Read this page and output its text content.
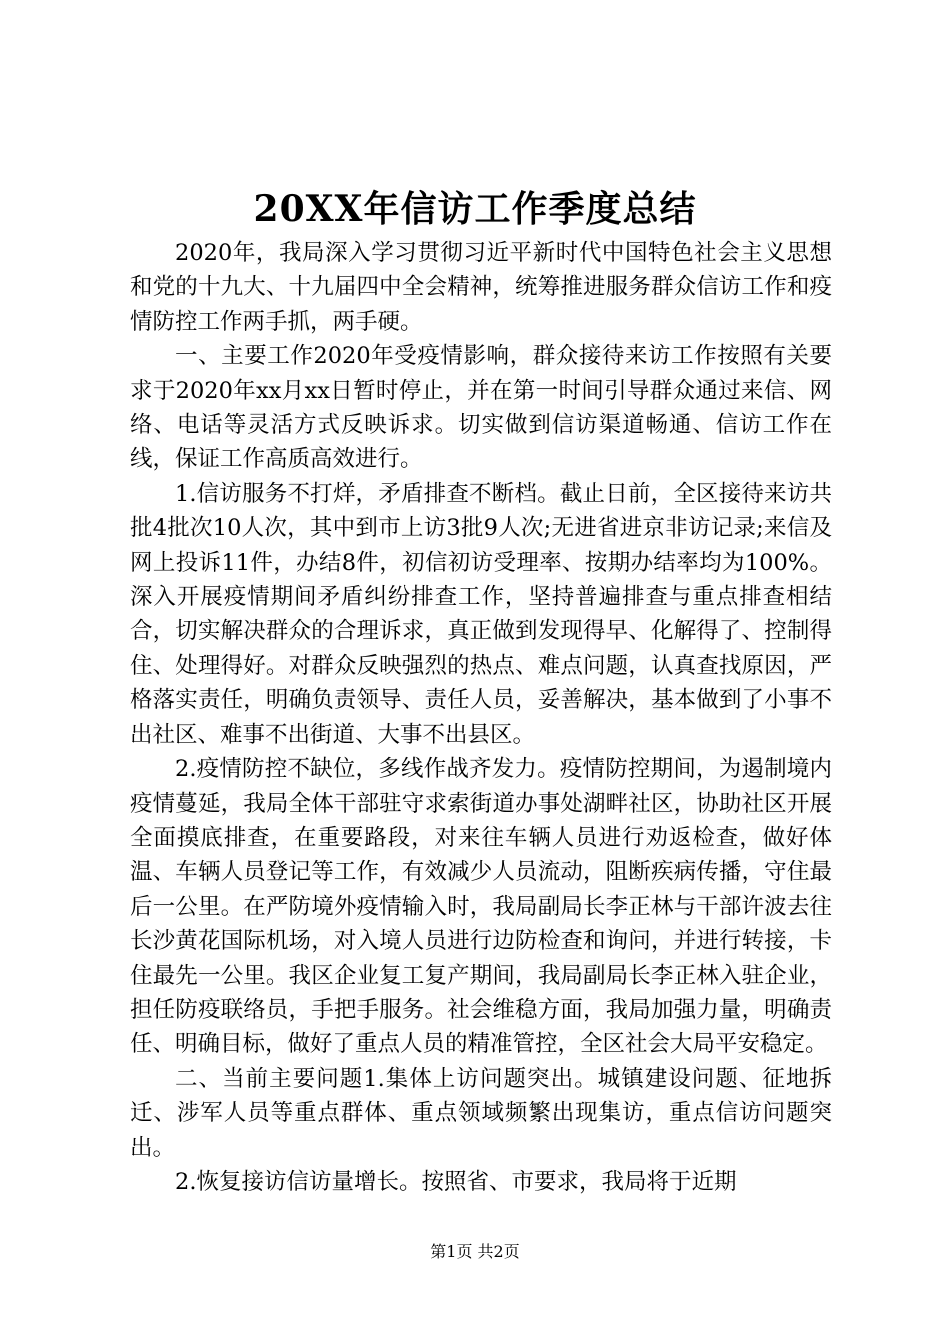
20XX年信访工作季度总结

2020年，我局深入学习贯彻习近平新时代中国特色社会主义思想和党的十九大、十九届四中全会精神，统筹推进服务群众信访工作和疫情防控工作两手抓，两手硬。

一、主要工作2020年受疫情影响，群众接待来访工作按照有关要求于2020年xx月xx日暂时停止，并在第一时间引导群众通过来信、网络、电话等灵活方式反映诉求。切实做到信访渠道畅通、信访工作在线，保证工作高质高效进行。

1.信访服务不打烊，矛盾排查不断档。截止日前，全区接待来访共批4批次10人次，其中到市上访3批9人次;无进省进京非访记录;来信及网上投诉11件，办结8件，初信初访受理率、按期办结率均为100%。深入开展疫情期间矛盾纠纷排查工作，坚持普遍排查与重点排查相结合，切实解决群众的合理诉求，真正做到发现得早、化解得了、控制得住、处理得好。对群众反映强烈的热点、难点问题，认真查找原因，严格落实责任，明确负责领导、责任人员，妥善解决，基本做到了小事不出社区、难事不出街道、大事不出县区。

2.疫情防控不缺位，多线作战齐发力。疫情防控期间，为遏制境内疫情蔓延，我局全体干部驻守求索街道办事处湖畔社区，协助社区开展全面摸底排查，在重要路段，对来往车辆人员进行劝返检查，做好体温、车辆人员登记等工作，有效减少人员流动，阻断疾病传播，守住最后一公里。在严防境外疫情输入时，我局副局长李正林与干部许波去往长沙黄花国际机场，对入境人员进行边防检查和询问，并进行转接，卡住最先一公里。我区企业复工复产期间，我局副局长李正林入驻企业，担任防疫联络员，手把手服务。社会维稳方面，我局加强力量，明确责任、明确目标，做好了重点人员的精准管控，全区社会大局平安稳定。

二、当前主要问题1.集体上访问题突出。城镇建设问题、征地拆迁、涉军人员等重点群体、重点领域频繁出现集访，重点信访问题突出。

2.恢复接访信访量增长。按照省、市要求，我局将于近期

第1页 共2页
